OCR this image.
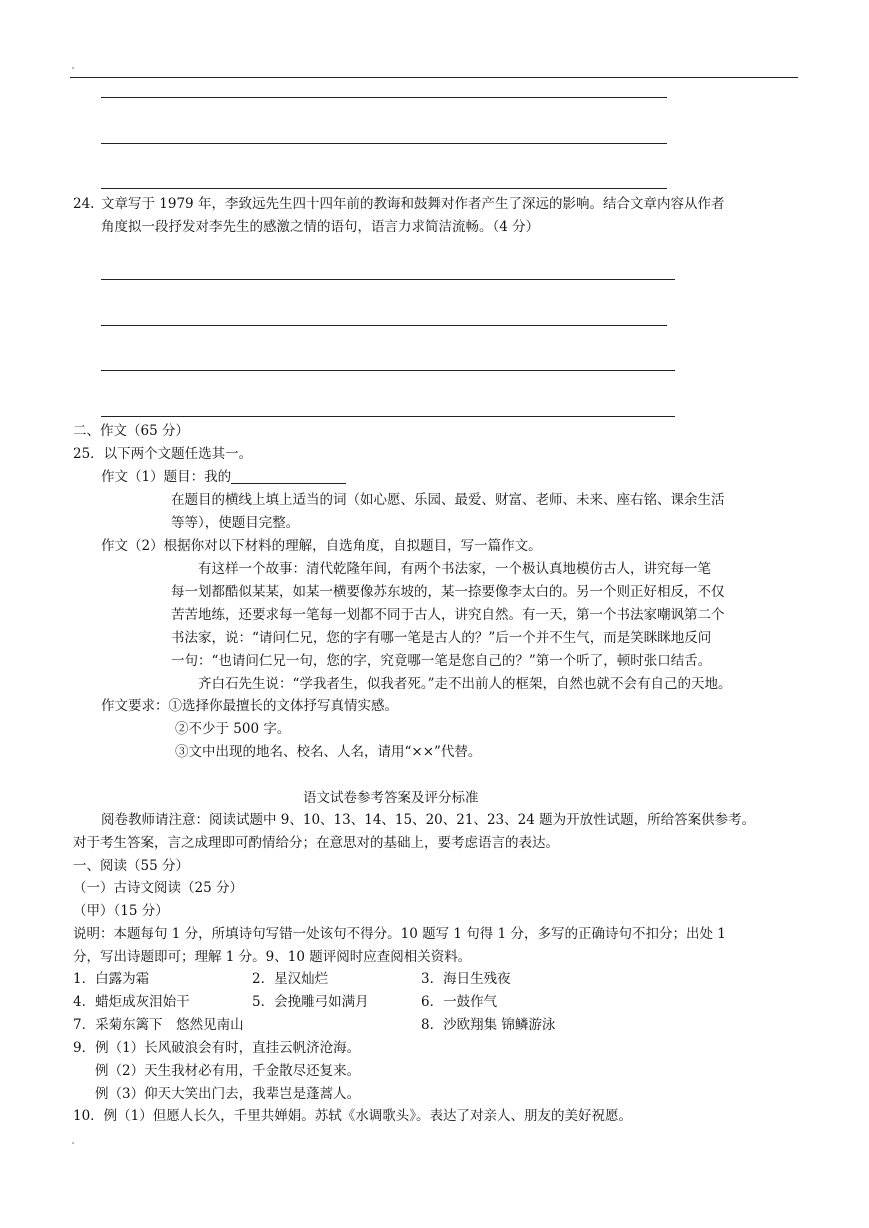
24. 文章写于 1979 年，李致远先生四十四年前的教诲和鼓舞对作者产生了深远的影响。结合文章内容从作者
角度拟一段抒发对李先生的感激之情的语句，语言力求简洁流畅。（4 分）
二、作文（65 分）
25．以下两个文题任选其一。
作文（1）题目：我的
在题目的横线上填上适当的词（如心愿、乐园、最爱、财富、老师、未来、座右铭、课余生活
等等），使题目完整。
作文（2）根据你对以下材料的理解，自选角度，自拟题目，写一篇作文。
有这样一个故事：清代乾隆年间，有两个书法家，一个极认真地模仿古人，讲究每一笔
每一划都酷似某某，如某一横要像苏东坡的，某一捺要像李太白的。另一个则正好相反，不仅
苦苦地练，还要求每一笔每一划都不同于古人，讲究自然。有一天，第一个书法家嘲讽第二个
书法家，说：“请问仁兄，您的字有哪一笔是古人的？”后一个并不生气，而是笑眯眯地反问
一句：“也请问仁兄一句，您的字，究竟哪一笔是您自己的？”第一个听了，顿时张口结舌。
齐白石先生说：“学我者生，似我者死。”走不出前人的框架，自然也就不会有自己的天地。
作文要求：①选择你最擅长的文体抒写真情实感。
②不少于 500 字。
③文中出现的地名、校名、人名，请用“××”代替。
语文试卷参考答案及评分标准
阅卷教师请注意：阅读试题中 9、10、13、14、15、20、21、23、24 题为开放性试题，所给答案供参考。
对于考生答案，言之成理即可酌情给分；在意思对的基础上，要考虑语言的表达。
一、阅读（55 分）
（一）古诗文阅读（25 分）
（甲）（15 分）
说明：本题每句 1 分，所填诗句写错一处该句不得分。10 题写 1 句得 1 分，多写的正确诗句不扣分；出处 1
分，写出诗题即可；理解 1 分。9、10 题评阅时应查阅相关资料。
1．白露为霜	2．星汉灿烂	3．海日生残夜
4．蜡炬成灰泪始干	5．会挽雕弓如满月	6．一鼓作气
7．采菊东篱下　悠然见南山	8．沙欧翔集 锦鳞游泳
9．例（1）长风破浪会有时，直挂云帆济沧海。
例（2）天生我材必有用，千金散尽还复来。
例（3）仰天大笑出门去，我辈岂是蓬蒿人。
10．例（1）但愿人长久，千里共婵娟。苏轼《水调歌头》。表达了对亲人、朋友的美好祝愿。
